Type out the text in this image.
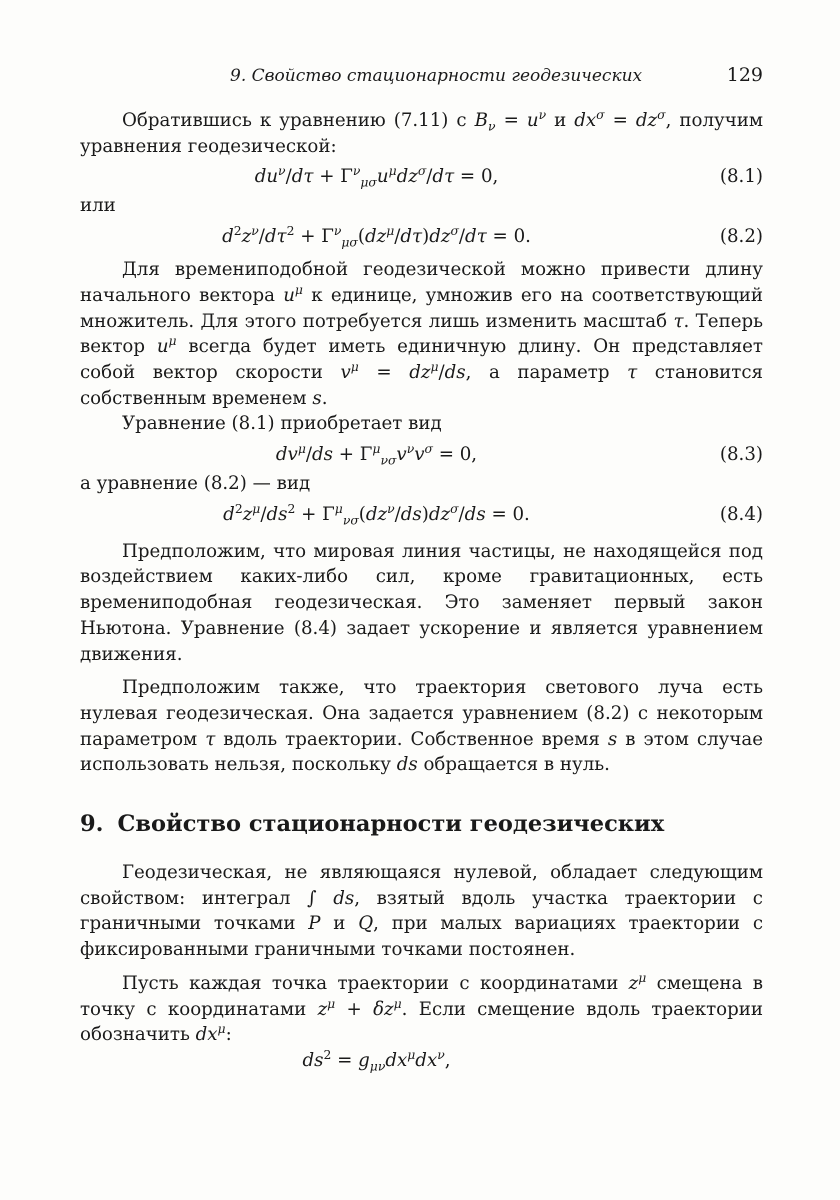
9. Свойство стационарности геодезических	129

Обратившись к уравнению (7.11) с $B_\nu = u^\nu$ и $dx^\sigma = dz^\sigma$, получим уравнения геодезической:

$du^\nu/d\tau + \Gamma^\nu_{\mu\sigma}u^\mu dz^\sigma/d\tau = 0$,	(8.1)

или

$d^2z^\nu/d\tau^2 + \Gamma^\nu_{\mu\sigma}(dz^\mu/d\tau)dz^\sigma/d\tau = 0$.	(8.2)

Для времениподобной геодезической можно привести длину начального вектора $u^\mu$ к единице, умножив его на соответствующий множитель. Для этого потребуется лишь изменить масштаб τ. Теперь вектор $u^\mu$ всегда будет иметь единичную длину. Он представляет собой вектор скорости $v^\mu = dz^\mu/ds$, а параметр τ становится собственным временем s.

Уравнение (8.1) приобретает вид

$dv^\mu/ds + \Gamma^\mu_{\nu\sigma}v^\nu v^\sigma = 0$,	(8.3)

а уравнение (8.2) — вид

$d^2z^\mu/ds^2 + \Gamma^\mu_{\nu\sigma}(dz^\nu/ds)dz^\sigma/ds = 0$.	(8.4)

Предположим, что мировая линия частицы, не находящейся под воздействием каких-либо сил, кроме гравитационных, есть времениподобная геодезическая. Это заменяет первый закон Ньютона. Уравнение (8.4) задает ускорение и является уравнением движения.

Предположим также, что траектория светового луча есть нулевая геодезическая. Она задается уравнением (8.2) с некоторым параметром τ вдоль траектории. Собственное время s в этом случае использовать нельзя, поскольку ds обращается в нуль.

9. Свойство стационарности геодезических

Геодезическая, не являющаяся нулевой, обладает следующим свойством: интеграл ∫ ds, взятый вдоль участка траектории с граничными точками P и Q, при малых вариациях траектории с фиксированными граничными точками постоянен.

Пусть каждая точка траектории с координатами $z^\mu$ смещена в точку с координатами $z^\mu + \delta z^\mu$. Если смещение вдоль траектории обозначить $dx^\mu$:

$ds^2 = g_{\mu\nu}dx^\mu dx^\nu$,
